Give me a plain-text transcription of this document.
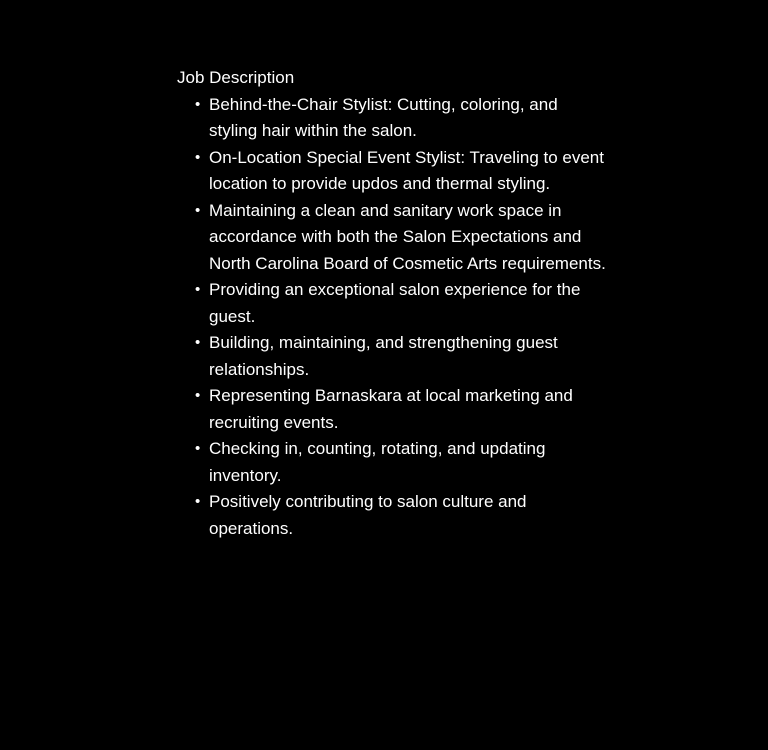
Job Description
• Behind-the-Chair Stylist: Cutting, coloring, and styling hair within the salon.
• On-Location Special Event Stylist: Traveling to event location to provide updos and thermal styling.
• Maintaining a clean and sanitary work space in accordance with both the Salon Expectations and North Carolina Board of Cosmetic Arts requirements.
• Providing an exceptional salon experience for the guest.
• Building, maintaining, and strengthening guest relationships.
• Representing Barnaskara at local marketing and recruiting events.
• Checking in, counting, rotating, and updating inventory.
• Positively contributing to salon culture and operations.
